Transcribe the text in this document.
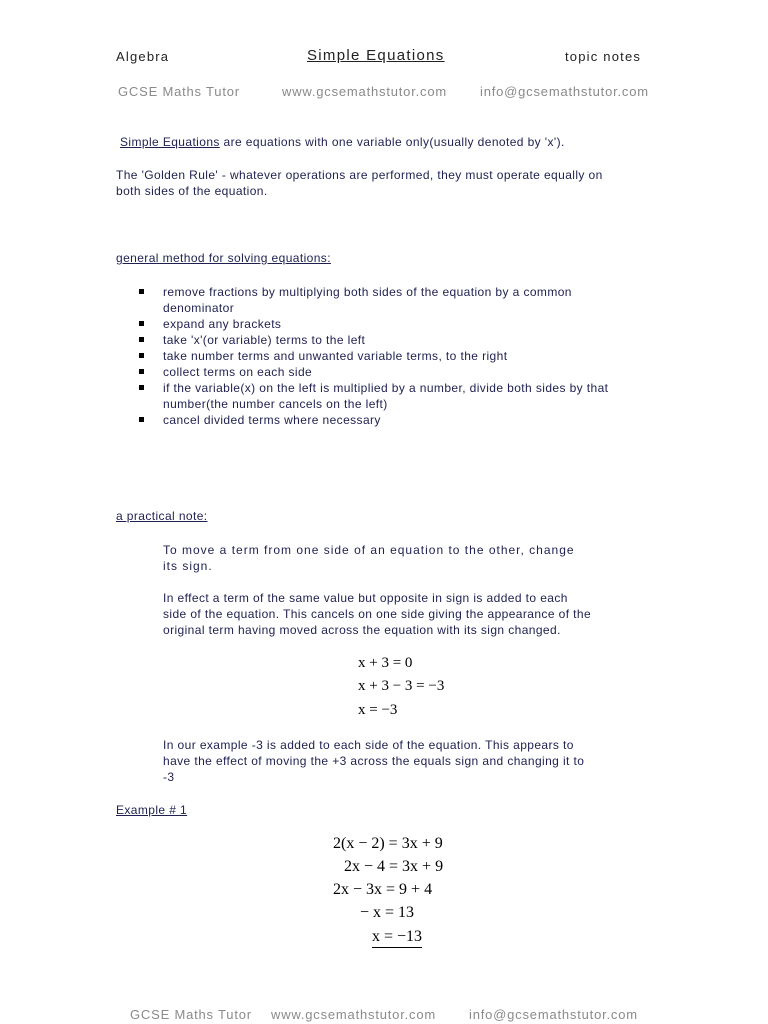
Algebra	Simple Equations	topic notes
GCSE Maths Tutor	www.gcsemathstutor.com	info@gcsemathstutor.com
Simple Equations are equations with one variable only(usually denoted by 'x').
The 'Golden Rule' - whatever operations are performed, they must operate equally on
both sides of the equation.
general method for solving equations:
remove fractions by multiplying both sides of the equation by a common
denominator
expand any brackets
take 'x'(or variable) terms to the left
take number terms and unwanted variable terms, to the right
collect terms on each side
if the variable(x) on the left is multiplied by a number, divide both sides by that
number(the number cancels on the left)
cancel divided terms where necessary
a practical note:
To move a term from one side of an equation to the other, change
its sign.
In effect a term of the same value but opposite in sign is added to each
side of the equation. This cancels on one side giving the appearance of the
original term having moved across the equation with its sign changed.
x + 3 = 0
x + 3 − 3 = −3
x = −3
In our example -3 is added to each side of the equation. This appears to
have the effect of moving the +3 across the equals sign and changing it to
-3
Example # 1
2(x − 2) = 3x + 9
2x − 4 = 3x + 9
2x − 3x = 9 + 4
− x = 13
x = −13
GCSE Maths Tutor www.gcsemathstutor.com	info@gcsemathstutor.com
